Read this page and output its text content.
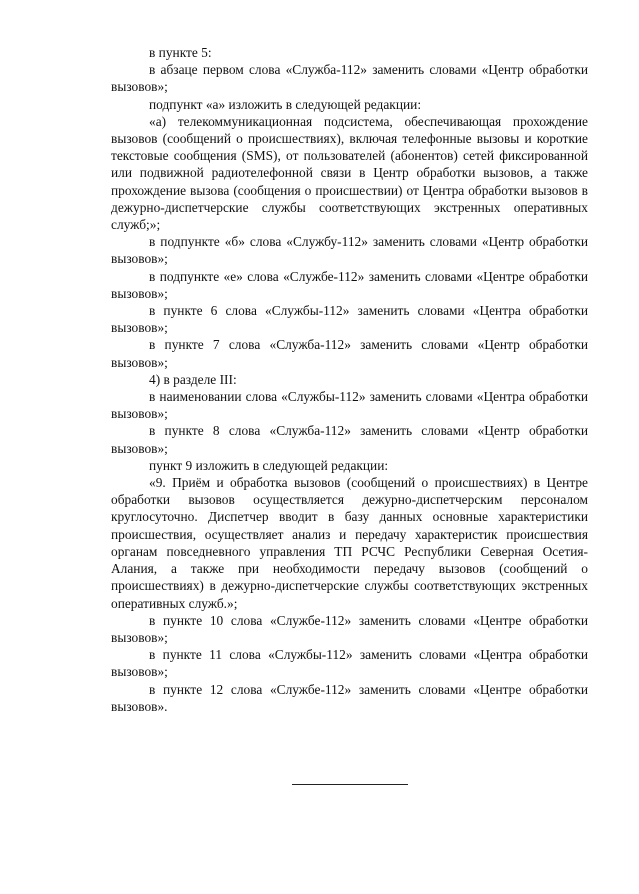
в пункте 5:

в абзаце первом слова «Служба-112» заменить словами «Центр обработки вызовов»;

подпункт «а» изложить в следующей редакции:

«а) телекоммуникационная подсистема, обеспечивающая прохождение вызовов (сообщений о происшествиях), включая телефонные вызовы и короткие текстовые сообщения (SMS), от пользователей (абонентов) сетей фиксированной или подвижной радиотелефонной связи в Центр обработки вызовов, а также прохождение вызова (сообщения о происшествии) от Центра обработки вызовов в дежурно-диспетчерские службы соответствующих экстренных оперативных служб;»;

в подпункте «б» слова «Службу-112» заменить словами «Центр обработки вызовов»;

в подпункте «е» слова «Службе-112» заменить словами «Центре обработки вызовов»;

в пункте 6 слова «Службы-112» заменить словами «Центра обработки вызовов»;

в пункте 7 слова «Служба-112» заменить словами «Центр обработки вызовов»;

4) в разделе III:

в наименовании слова «Службы-112» заменить словами «Центра обработки вызовов»;

в пункте 8 слова «Служба-112» заменить словами «Центр обработки вызовов»;

пункт 9 изложить в следующей редакции:

«9. Приём и обработка вызовов (сообщений о происшествиях) в Центре обработки вызовов осуществляется дежурно-диспетчерским персоналом круглосуточно. Диспетчер вводит в базу данных основные характеристики происшествия, осуществляет анализ и передачу характеристик происшествия органам повседневного управления ТП РСЧС Республики Северная Осетия-Алания, а также при необходимости передачу вызовов (сообщений о происшествиях) в дежурно-диспетчерские службы соответствующих экстренных оперативных служб.»;

в пункте 10 слова «Службе-112» заменить словами «Центре обработки вызовов»;

в пункте 11 слова «Службы-112» заменить словами «Центра обработки вызовов»;

в пункте 12 слова «Службе-112» заменить словами «Центре обработки вызовов».
